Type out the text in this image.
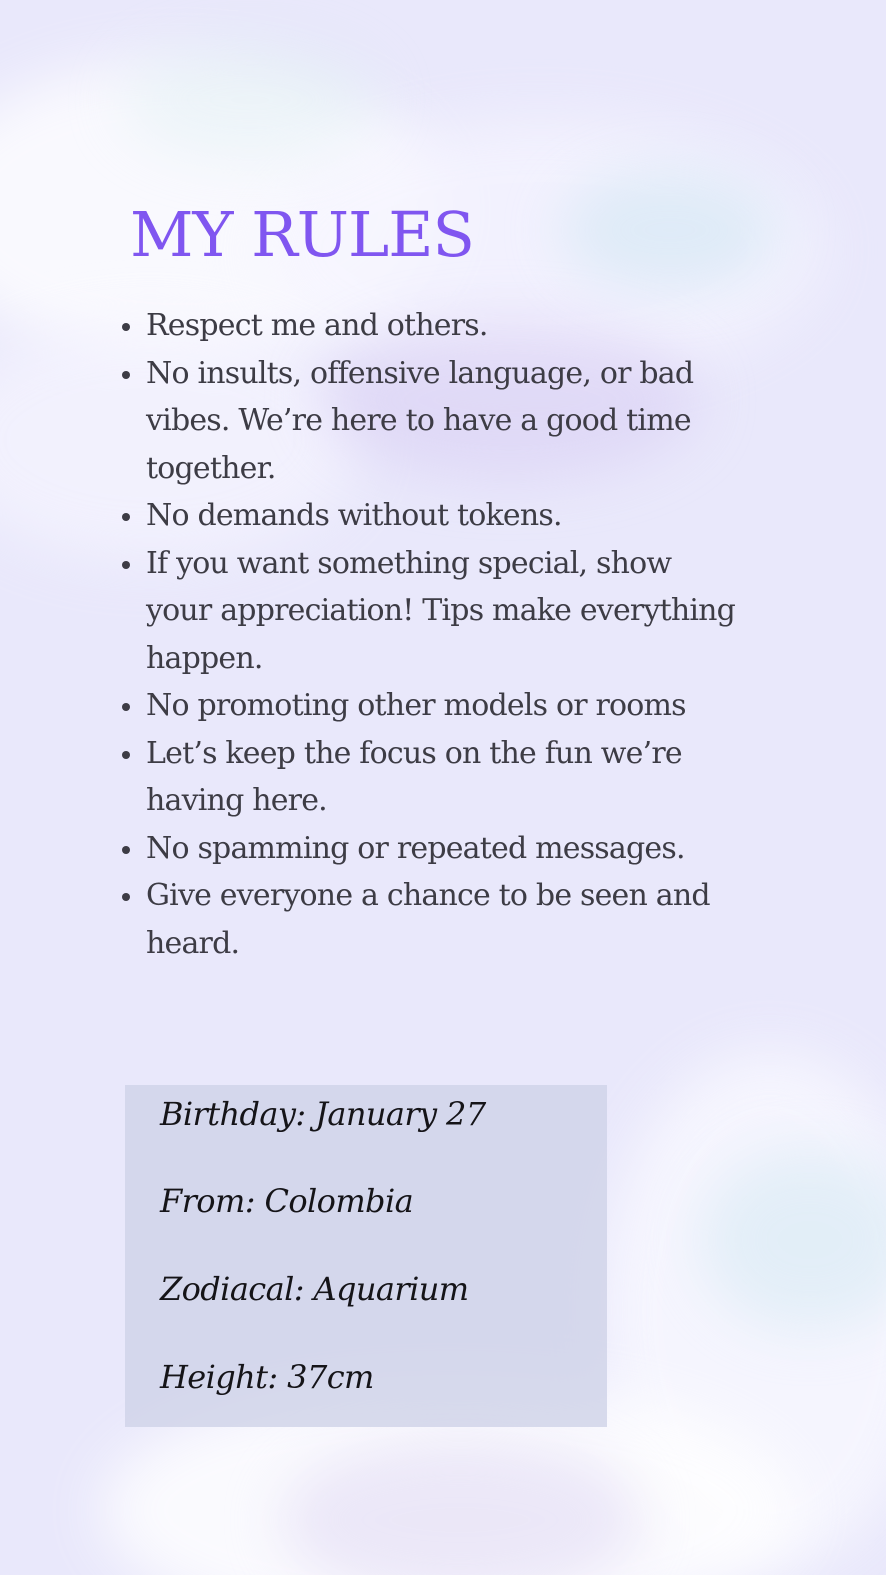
MY RULES
Respect me and others.
No insults, offensive language, or bad vibes. We’re here to have a good time together.
No demands without tokens.
If you want something special, show your appreciation! Tips make everything happen.
No promoting other models or rooms
Let’s keep the focus on the fun we’re having here.
No spamming or repeated messages.
Give everyone a chance to be seen and heard.
Birthday: January 27
From: Colombia
Zodiacal: Aquarium
Height: 37cm
